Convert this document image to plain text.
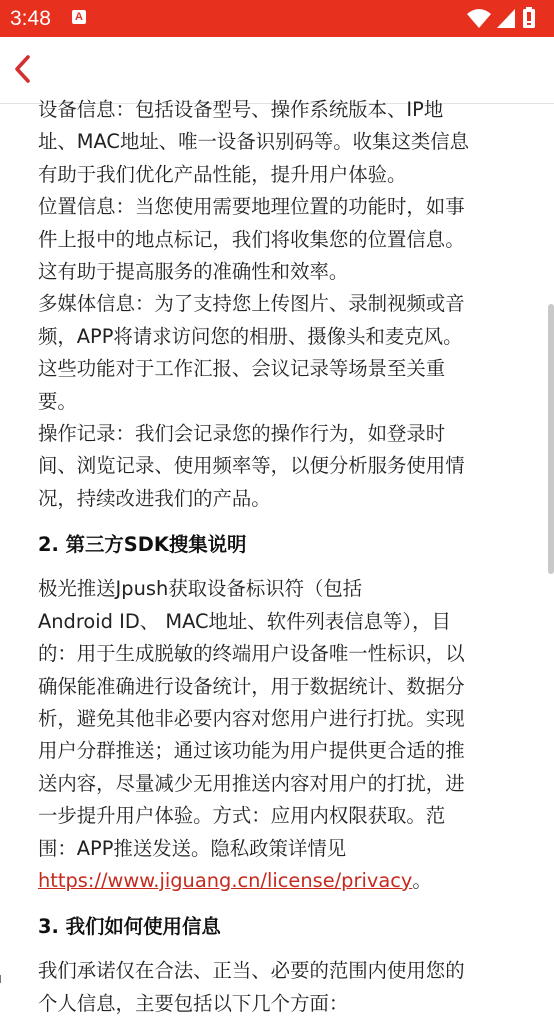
3:48 A

设备信息：包括设备型号、操作系统版本、IP地

址、MAC地址、唯一设备识别码等。收集这类信息

有助于我们优化产品性能，提升用户体验。

位置信息：当您使用需要地理位置的功能时，如事

件上报中的地点标记，我们将收集您的位置信息。

这有助于提高服务的准确性和效率。

多媒体信息：为了支持您上传图片、录制视频或音

频，APP将请求访问您的相册、摄像头和麦克风。

这些功能对于工作汇报、会议记录等场景至关重

要。

操作记录：我们会记录您的操作行为，如登录时

间、浏览记录、使用频率等，以便分析服务使用情

况，持续改进我们的产品。

2. 第三方SDK搜集说明

极光推送Jpush获取设备标识符（包括

Android ID、 MAC地址、软件列表信息等），目

的：用于生成脱敏的终端用户设备唯一性标识，以

确保能准确进行设备统计，用于数据统计、数据分

析，避免其他非必要内容对您用户进行打扰。实现

用户分群推送；通过该功能为用户提供更合适的推

送内容，尽量减少无用推送内容对用户的打扰，进

一步提升用户体验。方式：应用内权限获取。范

围：APP推送发送。隐私政策详情见

https://www.jiguang.cn/license/privacy。

3. 我们如何使用信息

我们承诺仅在合法、正当、必要的范围内使用您的

个人信息，主要包括以下几个方面：
